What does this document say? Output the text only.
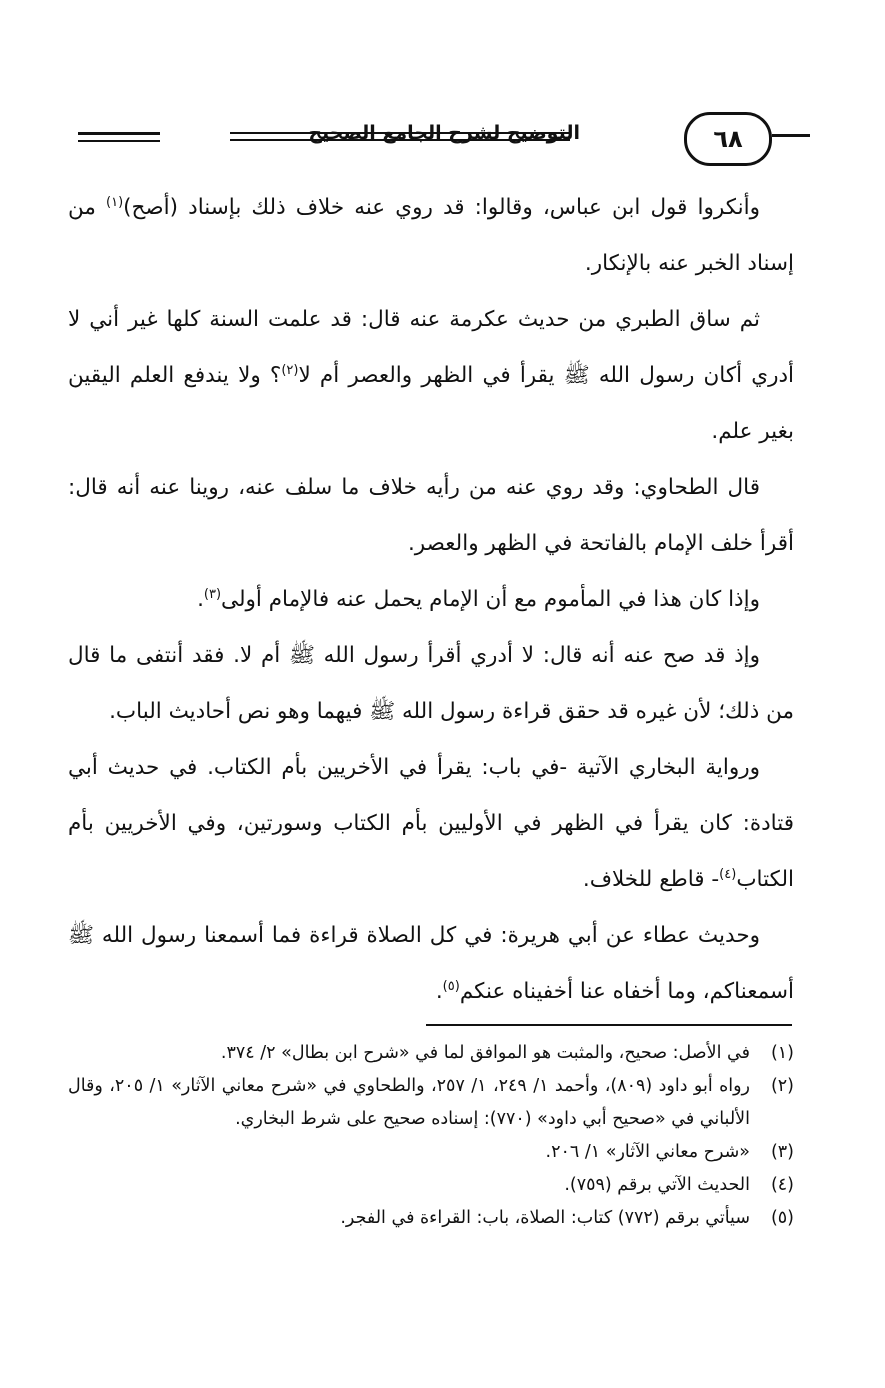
التوضيح لشرح الجامع الصحيح	٦٨

وأنكروا قول ابن عباس، وقالوا: قد روي عنه خلاف ذلك بإسناد (أصح)$^{(١)}$ من إسناد الخبر عنه بالإنكار.

ثم ساق الطبري من حديث عكرمة عنه قال: قد علمت السنة كلها غير أني لا أدري أكان رسول الله ﷺ يقرأ في الظهر والعصر أم لا$^{(٢)}$؟ ولا يندفع العلم اليقين بغير علم.

قال الطحاوي: وقد روي عنه من رأيه خلاف ما سلف عنه، روينا عنه أنه قال: أقرأ خلف الإمام بالفاتحة في الظهر والعصر.

وإذا كان هذا في المأموم مع أن الإمام يحمل عنه فالإمام أولى$^{(٣)}$.

وإذ قد صح عنه أنه قال: لا أدري أقرأ رسول الله ﷺ أم لا. فقد أنتفى ما قال من ذلك؛ لأن غيره قد حقق قراءة رسول الله ﷺ فيهما وهو نص أحاديث الباب.

ورواية البخاري الآتية -في باب: يقرأ في الأخريين بأم الكتاب. في حديث أبي قتادة: كان يقرأ في الظهر في الأوليين بأم الكتاب وسورتين، وفي الأخريين بأم الكتاب$^{(٤)}$- قاطع للخلاف.

وحديث عطاء عن أبي هريرة: في كل الصلاة قراءة فما أسمعنا رسول الله ﷺ أسمعناكم، وما أخفاه عنا أخفيناه عنكم$^{(٥)}$.

(١)
في الأصل: صحيح، والمثبت هو الموافق لما في «شرح ابن بطال» ٢/ ٣٧٤.
(٢)
رواه أبو داود (٨٠٩)، وأحمد ١/ ٢٤٩، ١/ ٢٥٧، والطحاوي في «شرح معاني الآثار» ١/ ٢٠٥، وقال الألباني في «صحيح أبي داود» (٧٧٠): إسناده صحيح على شرط البخاري.
(٣)
«شرح معاني الآثار» ١/ ٢٠٦.
(٤)
الحديث الآتي برقم (٧٥٩).
(٥)
سيأتي برقم (٧٧٢) كتاب: الصلاة، باب: القراءة في الفجر.
